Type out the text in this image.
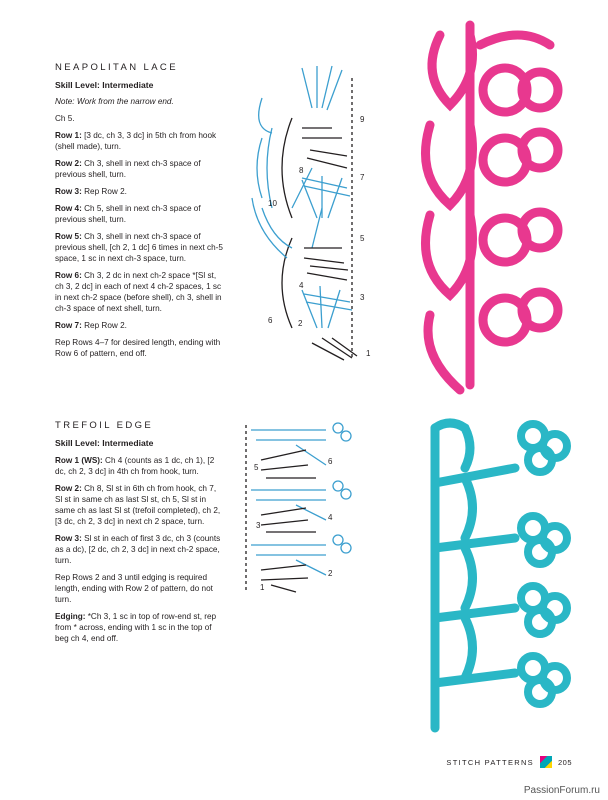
NEAPOLITAN LACE
Skill Level: Intermediate
Note: Work from the narrow end.
Ch 5.
Row 1: [3 dc, ch 3, 3 dc] in 5th ch from hook (shell made), turn.
Row 2: Ch 3, shell in next ch-3 space of previous shell, turn.
Row 3: Rep Row 2.
Row 4: Ch 5, shell in next ch-3 space of previous shell, turn.
Row 5: Ch 3, shell in next ch-3 space of previous shell, [ch 2, 1 dc] 6 times in next ch-5 space, 1 sc in next ch-3 space, turn.
Row 6: Ch 3, 2 dc in next ch-2 space *[Sl st, ch 3, 2 dc] in each of next 4 ch-2 spaces, 1 sc in next ch-2 space (before shell), ch 3, shell in ch-3 space of next shell, turn.
Row 7: Rep Row 2.
Rep Rows 4–7 for desired length, ending with Row 6 of pattern, end off.
TREFOIL EDGE
Skill Level: Intermediate
Row 1 (WS): Ch 4 (counts as 1 dc, ch 1), [2 dc, ch 2, 3 dc] in 4th ch from hook, turn.
Row 2: Ch 8, Sl st in 6th ch from hook, ch 7, Sl st in same ch as last Sl st, ch 5, Sl st in same ch as last Sl st (trefoil completed), ch 2, [3 dc, ch 2, 3 dc] in next ch 2 space, turn.
Row 3: Sl st in each of first 3 dc, ch 3 (counts as a dc), [2 dc, ch 2, 3 dc] in next ch-2 space, turn.
Rep Rows 2 and 3 until edging is required length, ending with Row 2 of pattern, do not turn.
Edging: *Ch 3, 1 sc in top of row-end st, rep from * across, ending with 1 sc in the top of beg ch 4, end off.
9
8
7
10
5
4
3
6	2
1
6
5
4
3
2
1
STITCH PATTERNS	205
PassionForum.ru
